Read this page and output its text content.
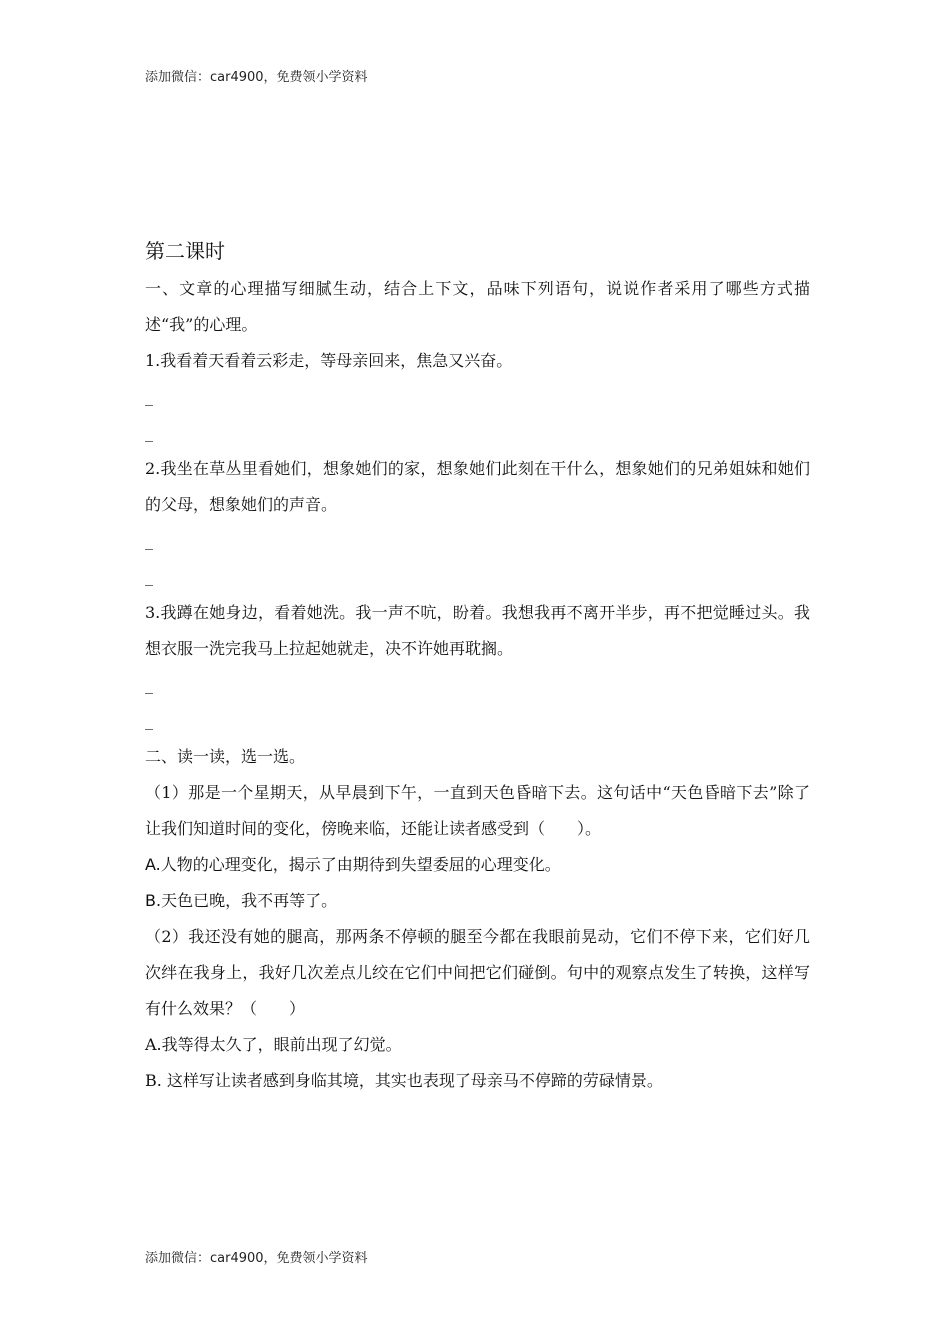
添加微信：car4900，免费领小学资料
第二课时

一、文章的心理描写细腻生动，结合上下文，品味下列语句，说说作者采用了哪些方式描述“我”的心理。

1.我看着天看着云彩走，等母亲回来，焦急又兴奋。

_

_

2.我坐在草丛里看她们，想象她们的家，想象她们此刻在干什么，想象她们的兄弟姐妹和她们的父母，想象她们的声音。

_

_

3.我蹲在她身边，看着她洗。我一声不吭，盼着。我想我再不离开半步，再不把觉睡过头。我想衣服一洗完我马上拉起她就走，决不许她再耽搁。

_

_

二、读一读，选一选。

（1）那是一个星期天，从早晨到下午，一直到天色昏暗下去。这句话中“天色昏暗下去”除了让我们知道时间的变化，傍晚来临，还能让读者感受到（　　）。

A.人物的心理变化，揭示了由期待到失望委屈的心理变化。

B.天色已晚，我不再等了。

（2）我还没有她的腿高，那两条不停顿的腿至今都在我眼前晃动，它们不停下来，它们好几次绊在我身上，我好几次差点儿绞在它们中间把它们碰倒。句中的观察点发生了转换，这样写有什么效果？（　　）

A.我等得太久了，眼前出现了幻觉。

B. 这样写让读者感到身临其境，其实也表现了母亲马不停蹄的劳碌情景。

添加微信：car4900，免费领小学资料
